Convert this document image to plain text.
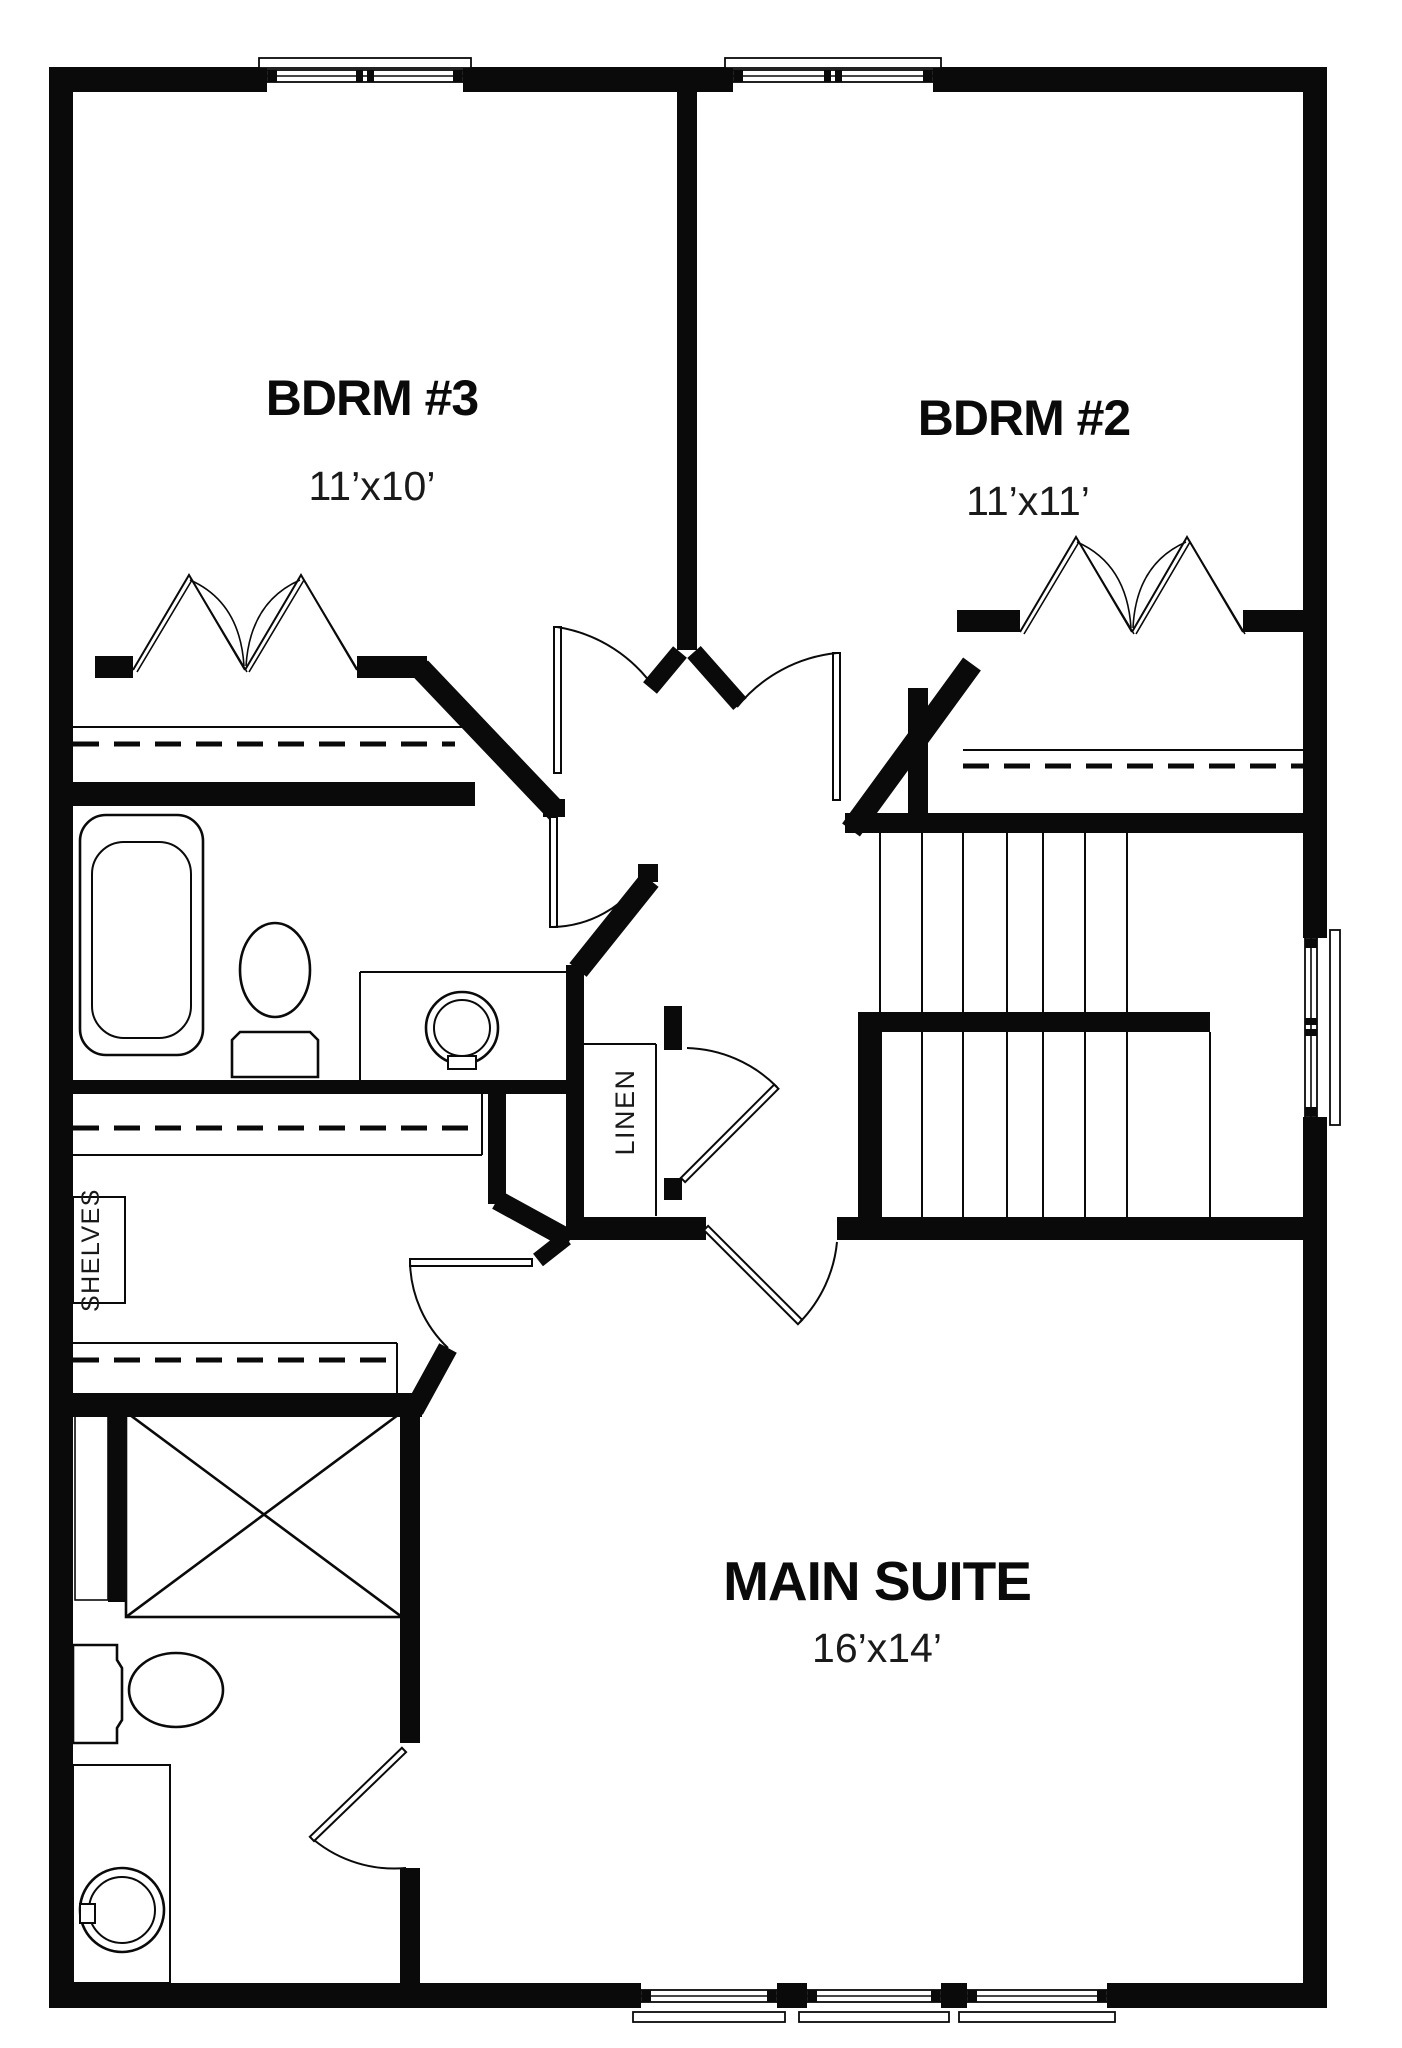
BDRM #3
11’x10’
BDRM #2
11’x11’
MAIN SUITE
16’x14’
LINEN
SHELVES
